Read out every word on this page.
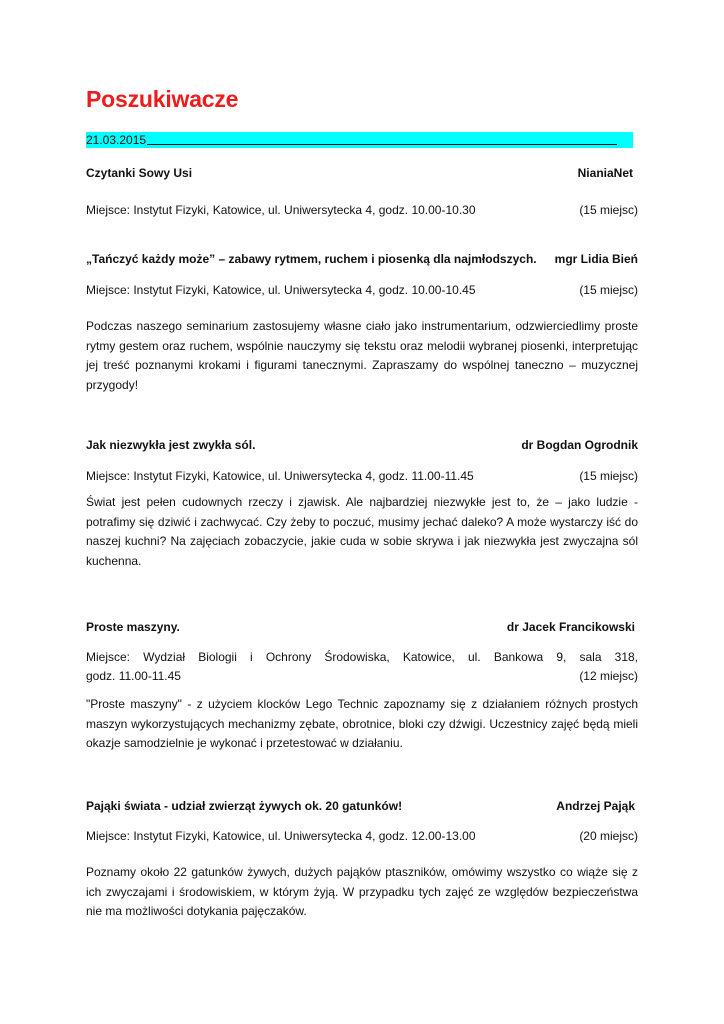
Poszukiwacze
21.03.2015
Czytanki Sowy Usi	NianiaNet
Miejsce: Instytut Fizyki, Katowice, ul. Uniwersytecka 4, godz. 10.00-10.30	(15 miejsc)
„Tańczyć każdy może” – zabawy rytmem, ruchem i piosenką dla najmłodszych. mgr Lidia Bień
Miejsce: Instytut Fizyki, Katowice, ul. Uniwersytecka 4, godz. 10.00-10.45	(15 miejsc)

Podczas naszego seminarium zastosujemy własne ciało jako instrumentarium, odzwierciedlimy proste rytmy gestem oraz ruchem, wspólnie nauczymy się tekstu oraz melodii wybranej piosenki, interpretując jej treść poznanymi krokami i figurami tanecznymi. Zapraszamy do wspólnej taneczno – muzycznej przygody!

Jak niezwykła jest zwykła sól.	dr Bogdan Ogrodnik
Miejsce: Instytut Fizyki, Katowice, ul. Uniwersytecka 4, godz. 11.00-11.45	(15 miejsc)

Świat jest pełen cudownych rzeczy i zjawisk. Ale najbardziej niezwykłe jest to, że – jako ludzie - potrafimy się dziwić i zachwycać. Czy żeby to poczuć, musimy jechać daleko? A może wystarczy iść do naszej kuchni? Na zajęciach zobaczycie, jakie cuda w sobie skrywa i jak niezwykła jest zwyczajna sól kuchenna.

Proste maszyny.	dr Jacek Francikowski
Miejsce: Wydział Biologii i Ochrony Środowiska, Katowice, ul. Bankowa 9, sala 318,
godz. 11.00-11.45	(12 miejsc)

"Proste maszyny" - z użyciem klocków Lego Technic zapoznamy się z działaniem różnych prostych maszyn wykorzystujących mechanizmy zębate, obrotnice, bloki czy dźwigi. Uczestnicy zajęć będą mieli okazje samodzielnie je wykonać i przetestować w działaniu.

Pająki świata - udział zwierząt żywych ok. 20 gatunków!	Andrzej Pająk
Miejsce: Instytut Fizyki, Katowice, ul. Uniwersytecka 4, godz. 12.00-13.00	(20 miejsc)

Poznamy około 22 gatunków żywych, dużych pająków ptaszników, omówimy wszystko co wiąże się z ich zwyczajami i środowiskiem, w którym żyją. W przypadku tych zajęć ze względów bezpieczeństwa nie ma możliwości dotykania pajęczaków.
